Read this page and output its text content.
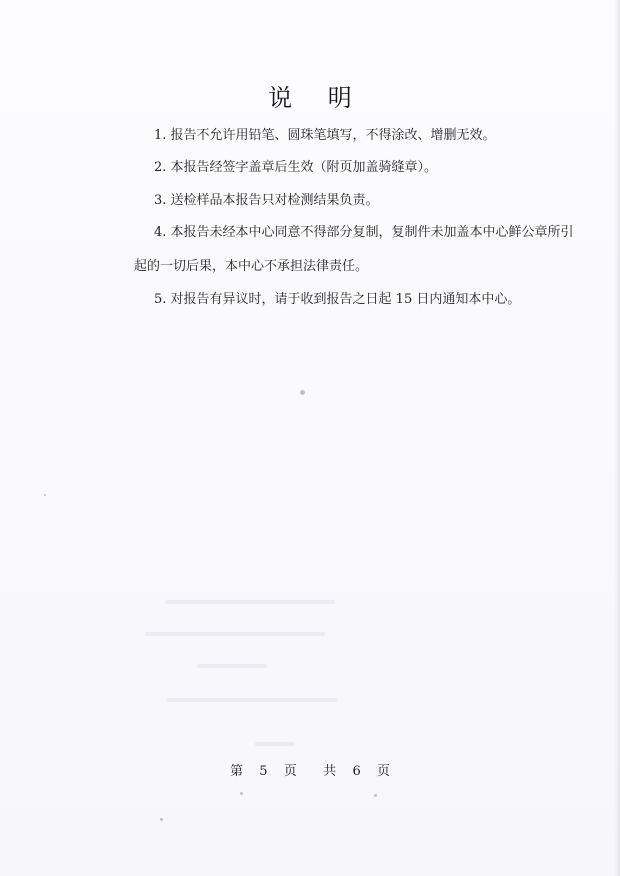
说 明
1. 报告不允许用铅笔、圆珠笔填写，不得涂改、增删无效。
2. 本报告经签字盖章后生效（附页加盖骑缝章）。
3. 送检样品本报告只对检测结果负责。
4. 本报告未经本中心同意不得部分复制，复制件未加盖本中心鲜公章所引
起的一切后果，本中心不承担法律责任。
5. 对报告有异议时，请于收到报告之日起 15 日内通知本中心。
第 5 页 共 6 页
